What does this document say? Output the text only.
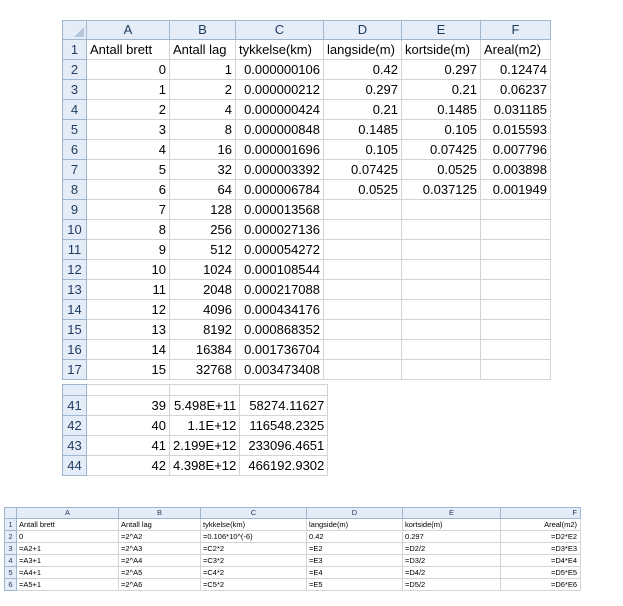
	A	B	C	D	E	F
1	Antall brett	Antall lag	tykkelse(km)	langside(m)	kortside(m)	Areal(m2)
2	0	1	0.000000106	0.42	0.297	0.12474
3	1	2	0.000000212	0.297	0.21	0.06237
4	2	4	0.000000424	0.21	0.1485	0.031185
5	3	8	0.000000848	0.1485	0.105	0.015593
6	4	16	0.000001696	0.105	0.07425	0.007796
7	5	32	0.000003392	0.07425	0.0525	0.003898
8	6	64	0.000006784	0.0525	0.037125	0.001949
9	7	128	0.000013568			
10	8	256	0.000027136			
11	9	512	0.000054272			
12	10	1024	0.000108544			
13	11	2048	0.000217088			
14	12	4096	0.000434176			
15	13	8192	0.000868352			
16	14	16384	0.001736704			
17	15	32768	0.003473408			

41	39	5.498E+11	58274.11627
42	40	1.1E+12	116548.2325
43	41	2.199E+12	233096.4651
44	42	4.398E+12	466192.9302
	A	B	C	D	E	F
1	Antall brett	Antall lag	tykkelse(km)	langside(m)	kortside(m)	Areal(m2)
2	0	=2^A2	=0.106*10^(-6)	0.42	0.297	=D2*E2
3	=A2+1	=2^A3	=C2*2	=E2	=D2/2	=D3*E3
4	=A3+1	=2^A4	=C3*2	=E3	=D3/2	=D4*E4
5	=A4+1	=2^A5	=C4*2	=E4	=D4/2	=D5*E5
6	=A5+1	=2^A6	=C5*2	=E5	=D5/2	=D6*E6
